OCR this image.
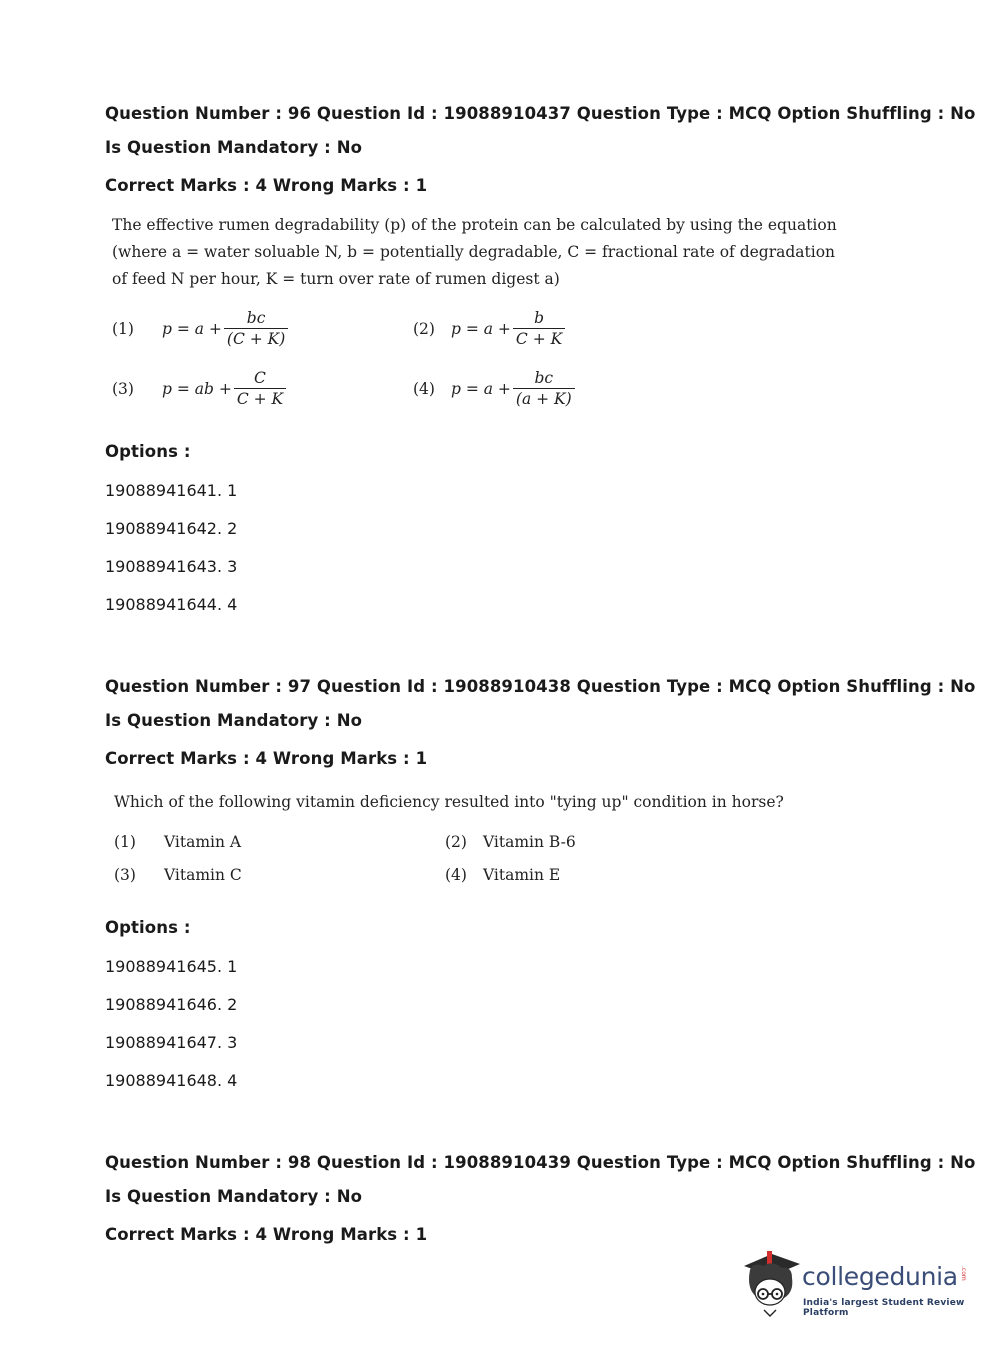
Question Number : 96 Question Id : 19088910437 Question Type : MCQ Option Shuffling : No
Is Question Mandatory : No
Correct Marks : 4 Wrong Marks : 1
The effective rumen degradability (p) of the protein can be calculated by using the equation
(where a = water soluable N, b = potentially degradable, C = fractional rate of degradation
of feed N per hour, K = turn over rate of rumen digest a)
(1)	$p = a + \frac{bc}{(C + K)}$	(2)	$p = a + \frac{b}{C + K}$
(3)	p = ab + $\frac{C}{C + K}$	(4)	$p = a + \frac{bc}{(a + K)}$
Options :
19088941641. 1
19088941642. 2
19088941643. 3
19088941644. 4
Question Number : 97 Question Id : 19088910438 Question Type : MCQ Option Shuffling : No
Is Question Mandatory : No
Correct Marks : 4 Wrong Marks : 1
Which of the following vitamin deficiency resulted into "tying up" condition in horse?
(1) Vitamin A	(2) Vitamin B-6
(3) Vitamin C	(4) Vitamin E
Options :
19088941645. 1
19088941646. 2
19088941647. 3
19088941648. 4
Question Number : 98 Question Id : 19088910439 Question Type : MCQ Option Shuffling : No
Is Question Mandatory : No
Correct Marks : 4 Wrong Marks : 1
collegedunia .com
India's largest Student Review Platform
